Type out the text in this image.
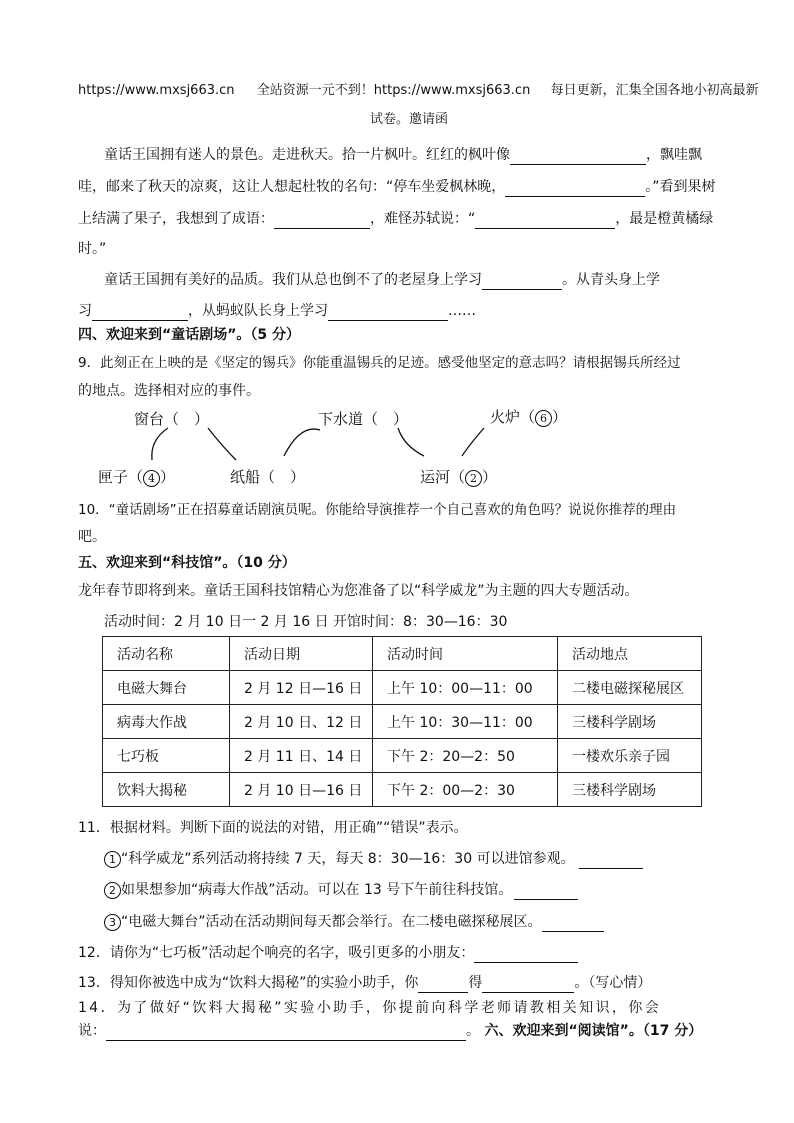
https://www.mxsj663.cn 全站资源一元不到！https://www.mxsj663.cn 每日更新，汇集全国各地小初高最新
试卷。邀请函
童话王国拥有迷人的景色。走进秋天。拾一片枫叶。红红的枫叶像	，飘哇飘
哇，邮来了秋天的凉爽，这让人想起杜牧的名句：“停车坐爱枫林晚，	。”看到果树
上结满了果子，我想到了成语：	，难怪苏轼说：“	，最是橙黄橘绿
时。”
童话王国拥有美好的品质。我们从总也倒不了的老屋身上学习	。从青头身上学
习	，从蚂蚁队长身上学习	……
四、欢迎来到“童话剧场”。（5 分）
9．此刻正在上映的是《坚定的锡兵》你能重温锡兵的足迹。感受他坚定的意志吗？请根据锡兵所经过
的地点。选择相对应的事件。
窗台（　）	下水道（　）	火炉（ 6 ）
匣子（ 4 ）	纸船（　）	运河（ 2 ）
10．“童话剧场”正在招募童话剧演员呢。你能给导演推荐一个自己喜欢的角色吗？说说你推荐的理由
吧。
五、欢迎来到“科技馆”。（10 分）
龙年春节即将到来。童话王国科技馆精心为您准备了以“科学威龙”为主题的四大专题活动。
活动时间：2 月 10 日一 2 月 16 日 开馆时间：8：30—16：30
活动名称	活动日期	活动时间	活动地点
电磁大舞台	2 月 12 日—16 日	上午 10：00—11：00	二楼电磁探秘展区
病毒大作战	2 月 10 日、12 日	上午 10：30—11：00	三楼科学剧场
七巧板	2 月 11 日、14 日	下午 2：20—2：50	一楼欢乐亲子园
饮料大揭秘	2 月 10 日—16 日	下午 2：00—2：30	三楼科学剧场
11．根据材料。判断下面的说法的对错，用正确”“错误”表示。
1 “科学威龙”系列活动将持续 7 天，每天 8：30—16：30 可以进馆参观。
2 如果想参加“病毒大作战”活动。可以在 13 号下午前往科技馆。
3 “电磁大舞台”活动在活动期间每天都会举行。在二楼电磁探秘展区。
12．请你为“七巧板”活动起个响亮的名字，吸引更多的小朋友：
13．得知你被选中成为“饮料大揭秘”的实验小助手，你	得	。（写心情）
14．为了做好“饮料大揭秘”实验小助手，你提前向科学老师请教相关知识，你会
说：	。 六、欢迎来到“阅读馆”。（17 分）
